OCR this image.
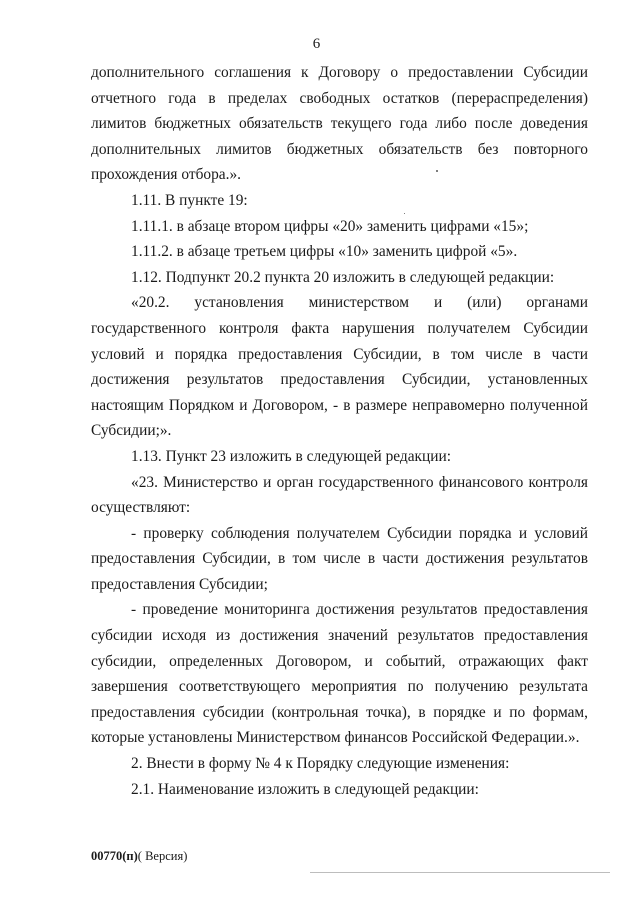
6

дополнительного соглашения к Договору о предоставлении Субсидии отчетного года в пределах свободных остатков (перераспределения) лимитов бюджетных обязательств текущего года либо после доведения дополнительных лимитов бюджетных обязательств без повторного прохождения отбора.».

1.11. В пункте 19:

1.11.1. в абзаце втором цифры «20» заменить цифрами «15»;

1.11.2. в абзаце третьем цифры «10» заменить цифрой «5».

1.12. Подпункт 20.2 пункта 20 изложить в следующей редакции:

«20.2. установления министерством и (или) органами государственного контроля факта нарушения получателем Субсидии условий и порядка предоставления Субсидии, в том числе в части достижения результатов предоставления Субсидии, установленных настоящим Порядком и Договором, - в размере неправомерно полученной Субсидии;».

1.13. Пункт 23 изложить в следующей редакции:

«23. Министерство и орган государственного финансового контроля осуществляют:

- проверку соблюдения получателем Субсидии порядка и условий предоставления Субсидии, в том числе в части достижения результатов предоставления Субсидии;

- проведение мониторинга достижения результатов предоставления субсидии исходя из достижения значений результатов предоставления субсидии, определенных Договором, и событий, отражающих факт завершения соответствующего мероприятия по получению результата предоставления субсидии (контрольная точка), в порядке и по формам, которые установлены Министерством финансов Российской Федерации.».

2. Внести в форму № 4 к Порядку следующие изменения:

2.1. Наименование изложить в следующей редакции:

00770(п)( Версия)
